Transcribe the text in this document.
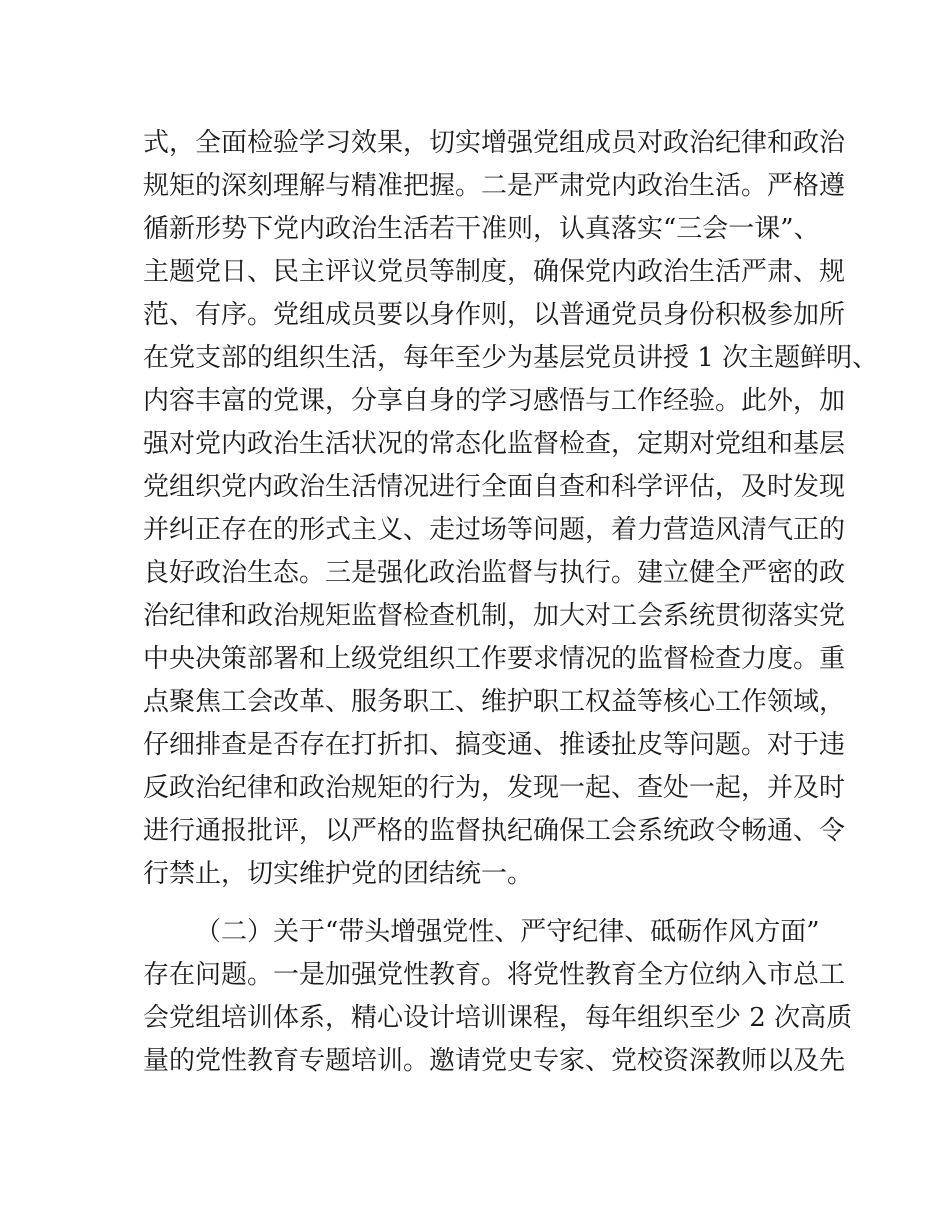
式，全面检验学习效果，切实增强党组成员对政治纪律和政治
规矩的深刻理解与精准把握。二是严肃党内政治生活。严格遵
循新形势下党内政治生活若干准则，认真落实“三会一课”、
主题党日、民主评议党员等制度，确保党内政治生活严肃、规
范、有序。党组成员要以身作则，以普通党员身份积极参加所
在党支部的组织生活，每年至少为基层党员讲授 1 次主题鲜明、
内容丰富的党课，分享自身的学习感悟与工作经验。此外，加
强对党内政治生活状况的常态化监督检查，定期对党组和基层
党组织党内政治生活情况进行全面自查和科学评估，及时发现
并纠正存在的形式主义、走过场等问题，着力营造风清气正的
良好政治生态。三是强化政治监督与执行。建立健全严密的政
治纪律和政治规矩监督检查机制，加大对工会系统贯彻落实党
中央决策部署和上级党组织工作要求情况的监督检查力度。重
点聚焦工会改革、服务职工、维护职工权益等核心工作领域，
仔细排查是否存在打折扣、搞变通、推诿扯皮等问题。对于违
反政治纪律和政治规矩的行为，发现一起、查处一起，并及时
进行通报批评，以严格的监督执纪确保工会系统政令畅通、令
行禁止，切实维护党的团结统一。
（二）关于“带头增强党性、严守纪律、砥砺作风方面”
存在问题。一是加强党性教育。将党性教育全方位纳入市总工
会党组培训体系，精心设计培训课程，每年组织至少 2 次高质
量的党性教育专题培训。邀请党史专家、党校资深教师以及先
